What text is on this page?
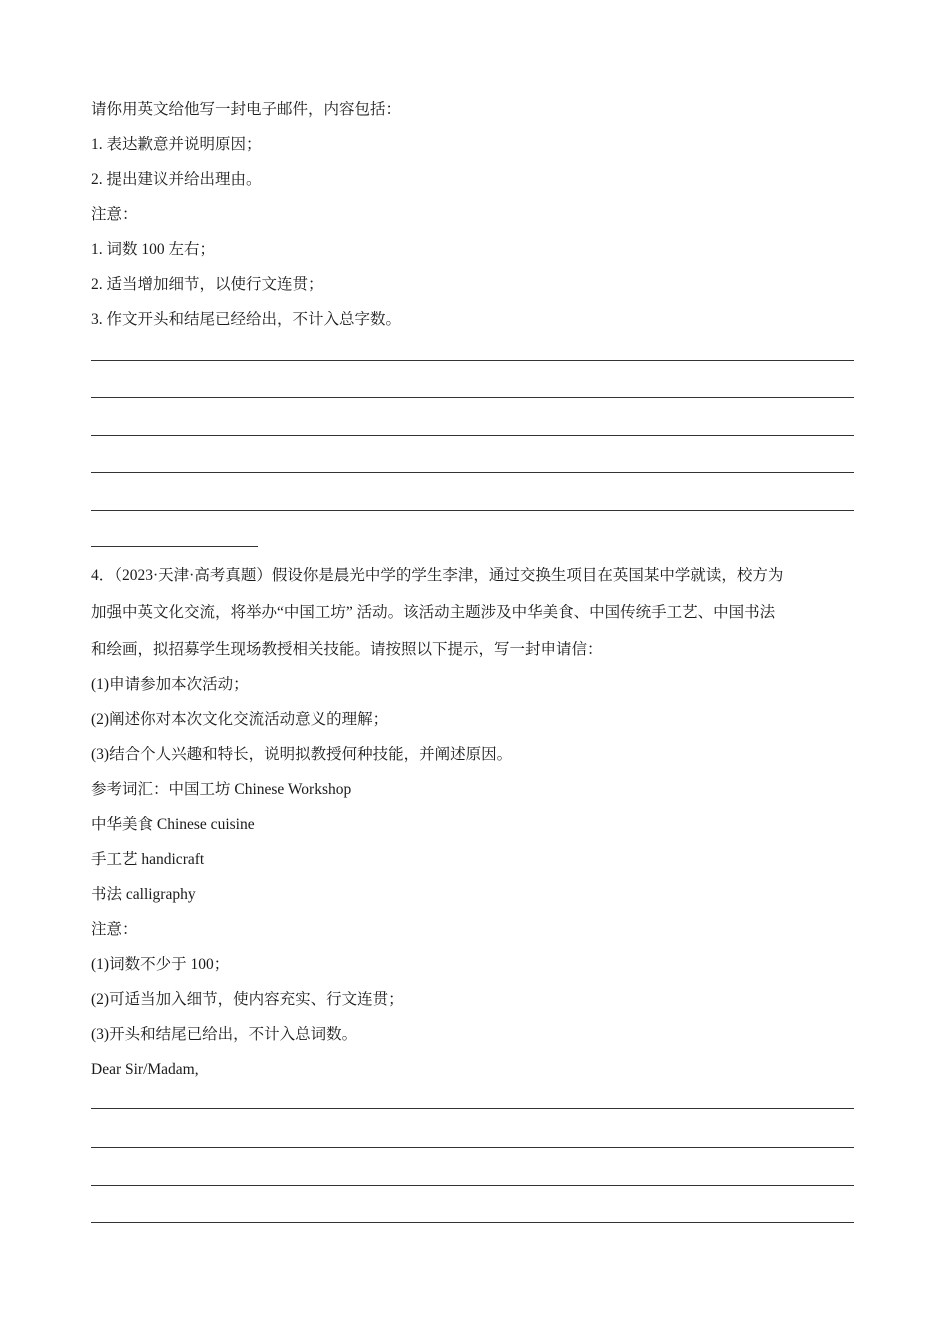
请你用英文给他写一封电子邮件，内容包括：
1. 表达歉意并说明原因；
2. 提出建议并给出理由。
注意：
1. 词数 100 左右；
2. 适当增加细节，以使行文连贯；
3. 作文开头和结尾已经给出，不计入总字数。
4．（2023·天津·高考真题）假设你是晨光中学的学生李津，通过交换生项目在英国某中学就读，校方为
加强中英文化交流，将举办“中国工坊” 活动。该活动主题涉及中华美食、中国传统手工艺、中国书法
和绘画，拟招募学生现场教授相关技能。请按照以下提示，写一封申请信：
(1)申请参加本次活动；
(2)阐述你对本次文化交流活动意义的理解；
(3)结合个人兴趣和特长，说明拟教授何种技能，并阐述原因。
参考词汇：中国工坊 Chinese Workshop
中华美食 Chinese cuisine
手工艺 handicraft
书法 calligraphy
注意：
(1)词数不少于 100；
(2)可适当加入细节，使内容充实、行文连贯；
(3)开头和结尾已给出，不计入总词数。
Dear Sir/Madam,
